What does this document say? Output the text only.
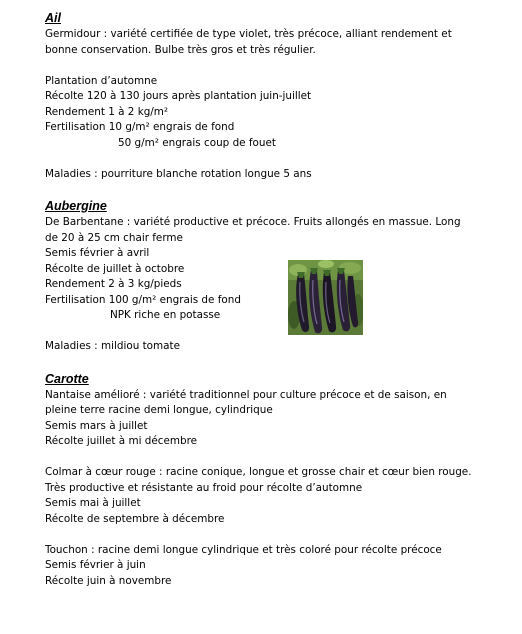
Ail
Germidour : variété certifiée de type violet, très précoce, alliant rendement et
bonne conservation. Bulbe très gros et très régulier.
Plantation d’automne
Récolte 120 à 130 jours après plantation juin-juillet
Rendement 1 à 2 kg/m²
Fertilisation 10 g/m² engrais de fond
50 g/m² engrais coup de fouet
Maladies : pourriture blanche rotation longue 5 ans
Aubergine
De Barbentane : variété productive et précoce. Fruits allongés en massue. Long
de 20 à 25 cm chair ferme
Semis février à avril
Récolte de juillet à octobre
Rendement 2 à 3 kg/pieds
Fertilisation 100 g/m² engrais de fond
NPK riche en potasse
Maladies : mildiou tomate
Carotte
Nantaise amélioré : variété traditionnel pour culture précoce et de saison, en
pleine terre racine demi longue, cylindrique
Semis mars à juillet
Récolte juillet à mi décembre
Colmar à cœur rouge : racine conique, longue et grosse chair et cœur bien rouge.
Très productive et résistante au froid pour récolte d’automne
Semis mai à juillet
Récolte de septembre à décembre
Touchon : racine demi longue cylindrique et très coloré pour récolte précoce
Semis février à juin
Récolte juin à novembre
